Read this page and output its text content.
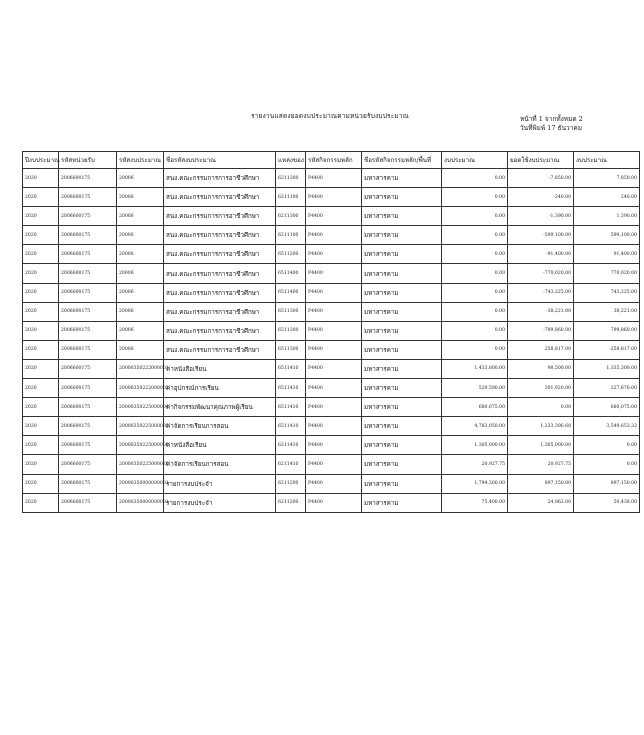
รายงานแสดงยอดงบประมาณตามหน่วยรับงบประมาณ	หน้าที่ 1 จากทั้งหมด 2
วันที่พิมพ์ 17 ธันวาคม
ปีงบประมาณ	รหัสหน่วยรับ	รหัสงบประมาณ	ชื่อรหัสงบประมาณ	แหล่งของ	รหัสกิจกรรมหลัก	ชื่อรหัสกิจกรรมหลัก/พื้นที่	งบประมาณ	ยอดใช้งบประมาณ	งบประมาณ
2020	2006600175	20006	สนง.คณะกรรมการการอาชีวศึกษา	6211300	P4400	มหาสารคาม	0.00	-7,850.00	7,850.00
2020	2006600175	20006	สนง.คณะกรรมการการอาชีวศึกษา	6211100	P4400	มหาสารคาม	0.00	-240.00	240.00
2020	2006600175	20006	สนง.คณะกรรมการการอาชีวศึกษา	6211300	P4400	มหาสารคาม	0.00	-1,390.00	1,390.00
2020	2006600175	20006	สนง.คณะกรรมการการอาชีวศึกษา	6211100	P4400	มหาสารคาม	0.00	-599,100.00	599,100.00
2020	2006600175	20006	สนง.คณะกรรมการการอาชีวศึกษา	6511200	P4400	มหาสารคาม	0.00	-91,400.00	91,400.00
2020	2006600175	20006	สนง.คณะกรรมการการอาชีวศึกษา	6511400	P4400	มหาสารคาม	0.00	-770,020.00	770,020.00
2020	2006600175	20006	สนง.คณะกรรมการการอาชีวศึกษา	6511400	P4400	มหาสารคาม	0.00	-743,225.00	743,225.00
2020	2006600175	20006	สนง.คณะกรรมการการอาชีวศึกษา	6511300	P4400	มหาสารคาม	0.00	-38,221.00	38,221.00
2020	2006600175	20006	สนง.คณะกรรมการการอาชีวศึกษา	6511300	P4400	มหาสารคาม	0.00	-799,860.00	799,860.00
2020	2006600175	20006	สนง.คณะกรรมการการอาชีวศึกษา	6511300	P4400	มหาสารคาม	0.00	258,817.00	-258,817.00
2020	2006600175	20006350222000001	ค่าหนังสือเรียน	6511410	P4400	มหาสารคาม	1,433,800.00	98,500.00	1,335,300.00
2020	2006600175	20006350222000002	ค่าอุปกรณ์การเรียน	6511410	P4400	มหาสารคาม	529,590.00	301,920.00	227,670.00
2020	2006600175	20006350225000004	ค่ากิจกรรมพัฒนาคุณภาพผู้เรียน	6511410	P4400	มหาสารคาม	680,075.00	0.00	680,075.00
2020	2006600175	20006350225000005	ค่าจัดการเรียนการสอน	6511410	P4400	มหาสารคาม	4,783,050.00	1,233,396.68	3,549,653.32
2020	2006600175	20006350225000006	ค่าหนังสือเรียน	6211410	P4400	มหาสารคาม	1,305,000.00	1,305,000.00	0.00
2020	2006600175	20006350225000026	ค่าจัดการเรียนการสอน	6211410	P4400	มหาสารคาม	20,927.75	20,927.75	0.00
2020	2006600175	20006350000000001	รายการงบประจำ	6211200	P4400	มหาสารคาม	1,794,300.00	897,150.00	897,150.00
2020	2006600175	20006350000000001	รายการงบประจำ	6211200	P4400	มหาสารคาม	75,400.00	24,962.00	50,438.00
